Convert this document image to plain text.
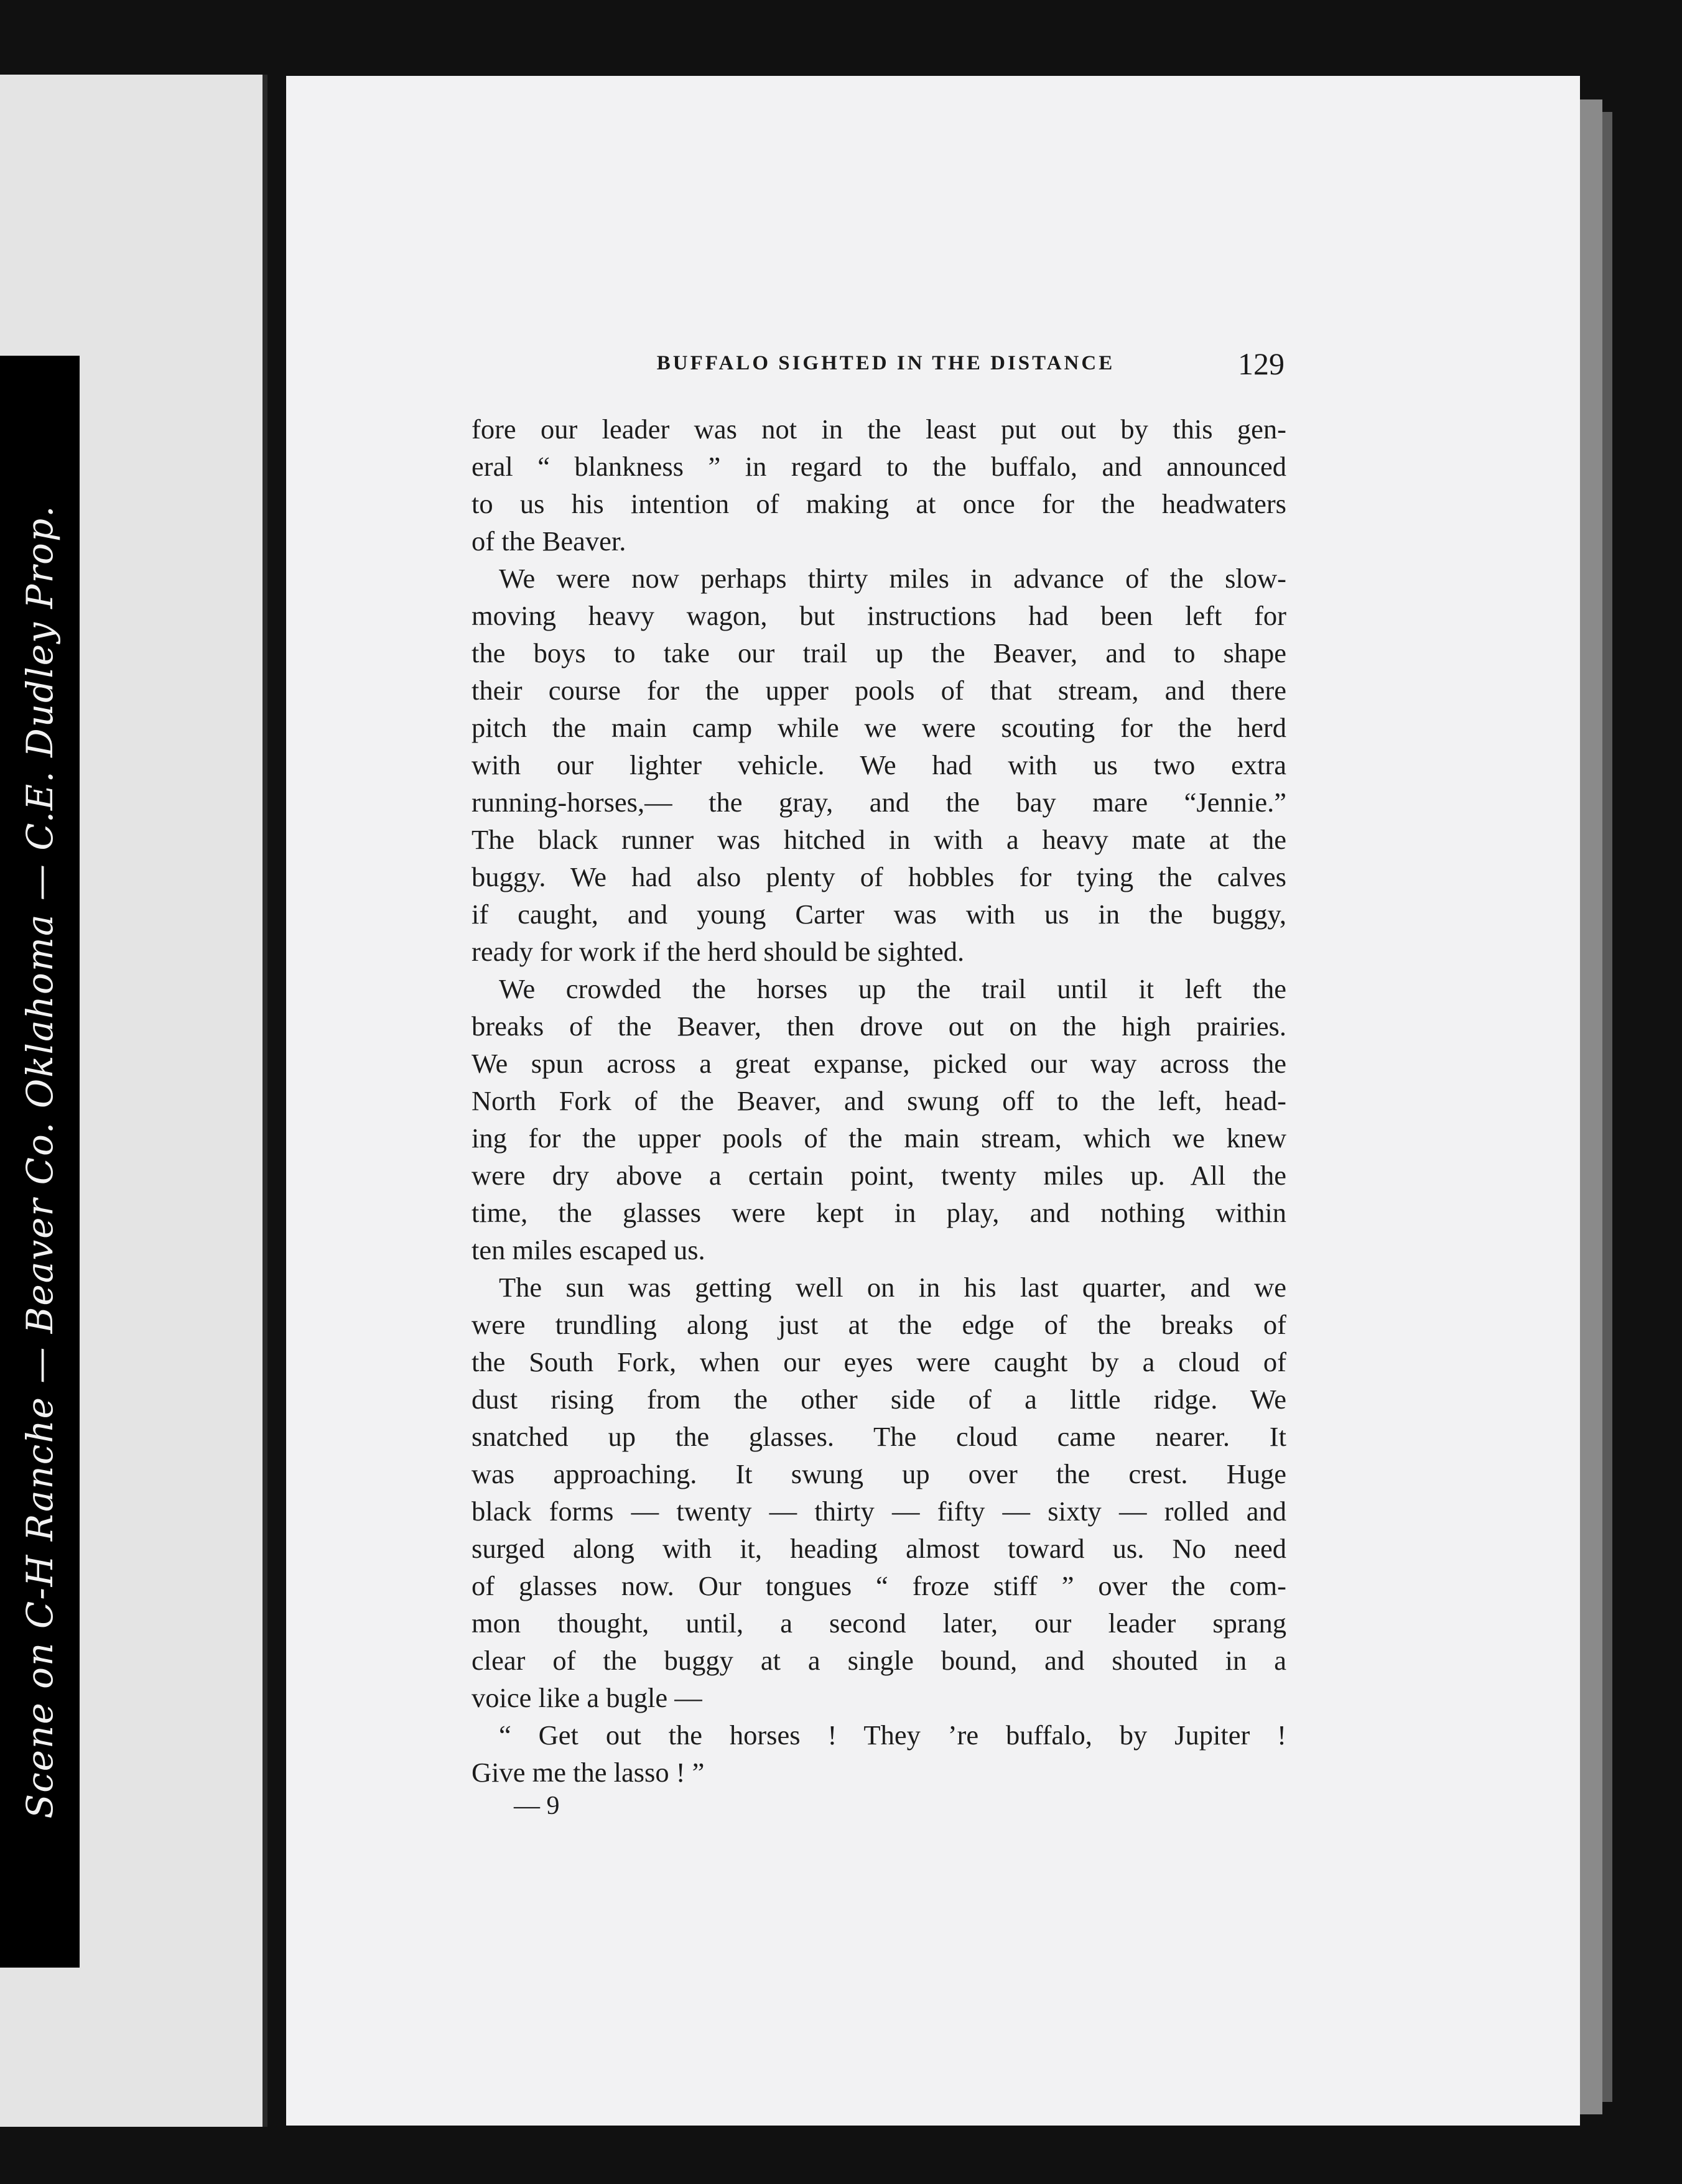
Scene on C-H Ranche — Beaver Co. Oklahoma — C.E. Dudley Prop.
BUFFALO SIGHTED IN THE DISTANCE	129
fore our leader was not in the least put out by this gen-
eral “ blankness ” in regard to the buffalo, and announced
to us his intention of making at once for the headwaters
of the Beaver.
We were now perhaps thirty miles in advance of the slow-
moving heavy wagon, but instructions had been left for
the boys to take our trail up the Beaver, and to shape
their course for the upper pools of that stream, and there
pitch the main camp while we were scouting for the herd
with our lighter vehicle. We had with us two extra
running-horses,— the gray, and the bay mare “Jennie.”
The black runner was hitched in with a heavy mate at the
buggy. We had also plenty of hobbles for tying the calves
if caught, and young Carter was with us in the buggy,
ready for work if the herd should be sighted.
We crowded the horses up the trail until it left the
breaks of the Beaver, then drove out on the high prairies.
We spun across a great expanse, picked our way across the
North Fork of the Beaver, and swung off to the left, head-
ing for the upper pools of the main stream, which we knew
were dry above a certain point, twenty miles up. All the
time, the glasses were kept in play, and nothing within
ten miles escaped us.
The sun was getting well on in his last quarter, and we
were trundling along just at the edge of the breaks of
the South Fork, when our eyes were caught by a cloud of
dust rising from the other side of a little ridge. We
snatched up the glasses. The cloud came nearer. It
was approaching. It swung up over the crest. Huge
black forms — twenty — thirty — fifty — sixty — rolled and
surged along with it, heading almost toward us. No need
of glasses now. Our tongues “ froze stiff ” over the com-
mon thought, until, a second later, our leader sprang
clear of the buggy at a single bound, and shouted in a
voice like a bugle —
“ Get out the horses ! They ’re buffalo, by Jupiter !
Give me the lasso ! ”
— 9
